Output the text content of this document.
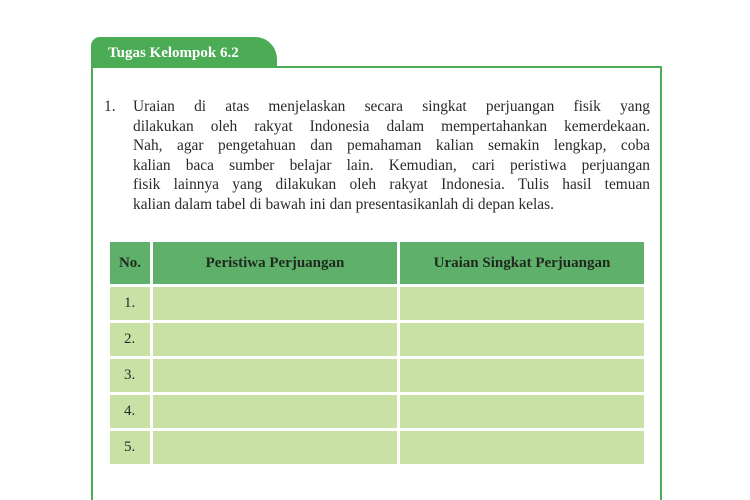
Tugas Kelompok 6.2
1. Uraian di atas menjelaskan secara singkat perjuangan fisik yang
dilakukan oleh rakyat Indonesia dalam mempertahankan kemerdekaan.
Nah, agar pengetahuan dan pemahaman kalian semakin lengkap, coba
kalian baca sumber belajar lain. Kemudian, cari peristiwa perjuangan
fisik lainnya yang dilakukan oleh rakyat Indonesia. Tulis hasil temuan
kalian dalam tabel di bawah ini dan presentasikanlah di depan kelas.
No.	Peristiwa Perjuangan	Uraian Singkat Perjuangan
1.		
2.		
3.		
4.		
5.		
